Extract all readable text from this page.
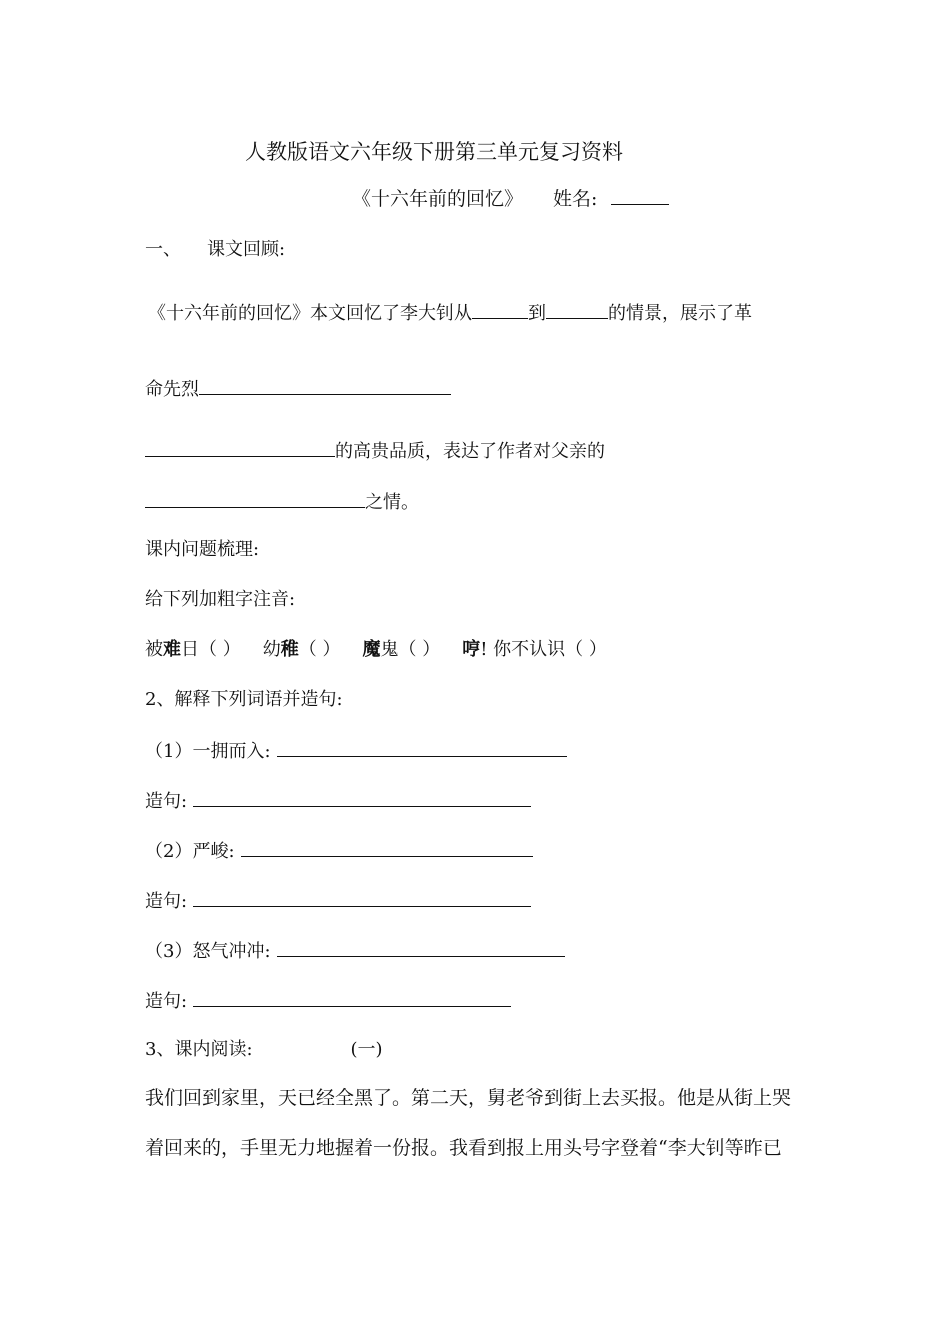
人教版语文六年级下册第三单元复习资料
《十六年前的回忆》 姓名:
一、 课文回顾:
《十六年前的回忆》本文回忆了李大钊从	到	的情景，展示了革
命先烈
的高贵品质，表达了作者对父亲的
之情。
课内问题梳理:
给下列加粗字注音:
被难日（ ） 幼稚（ ） 魔鬼（ ） 哼! 你不认识（ ）
2、解释下列词语并造句:
（1）一拥而入:
造句:
（2）严峻:
造句:
（3）怒气冲冲:
造句:
3、课内阅读:	(一)
我们回到家里，天已经全黑了。第二天，舅老爷到街上去买报。他是从街上哭
着回来的，手里无力地握着一份报。我看到报上用头号字登着“李大钊等昨已
